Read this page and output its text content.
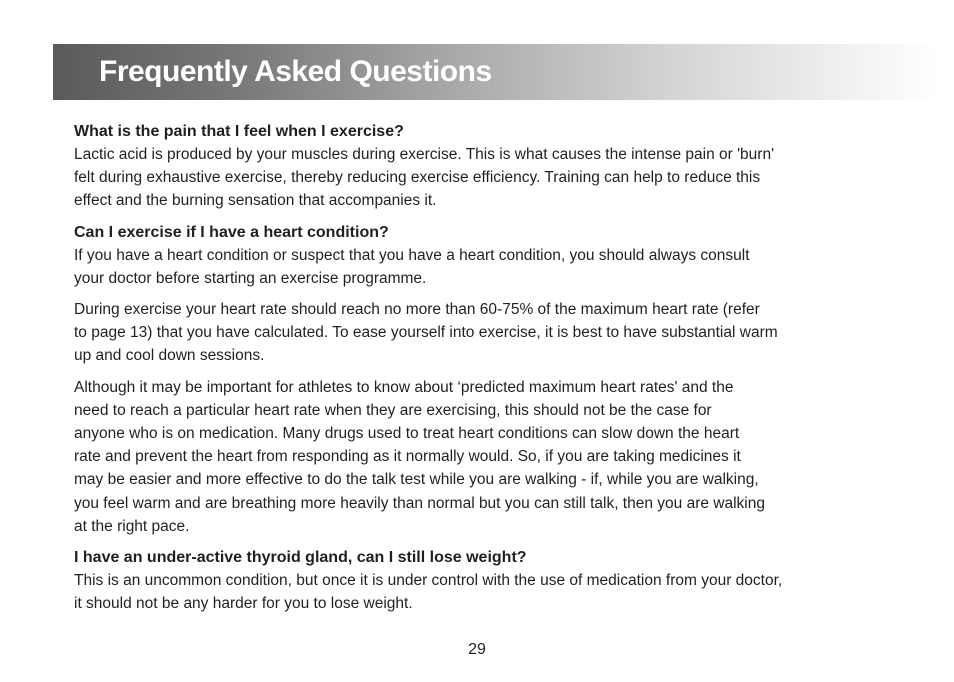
Frequently Asked Questions

What is the pain that I feel when I exercise?

Lactic acid is produced by your muscles during exercise. This is what causes the intense pain or 'burn'
felt during exhaustive exercise, thereby reducing exercise efficiency. Training can help to reduce this
effect and the burning sensation that accompanies it.

Can I exercise if I have a heart condition?

If you have a heart condition or suspect that you have a heart condition, you should always consult
your doctor before starting an exercise programme.

During exercise your heart rate should reach no more than 60-75% of the maximum heart rate (refer
to page 13) that you have calculated. To ease yourself into exercise, it is best to have substantial warm
up and cool down sessions.

Although it may be important for athletes to know about ‘predicted maximum heart rates' and the
need to reach a particular heart rate when they are exercising, this should not be the case for
anyone who is on medication. Many drugs used to treat heart conditions can slow down the heart
rate and prevent the heart from responding as it normally would. So, if you are taking medicines it
may be easier and more effective to do the talk test while you are walking - if, while you are walking,
you feel warm and are breathing more heavily than normal but you can still talk, then you are walking
at the right pace.

I have an under-active thyroid gland, can I still lose weight?

This is an uncommon condition, but once it is under control with the use of medication from your doctor,
it should not be any harder for you to lose weight.

29
